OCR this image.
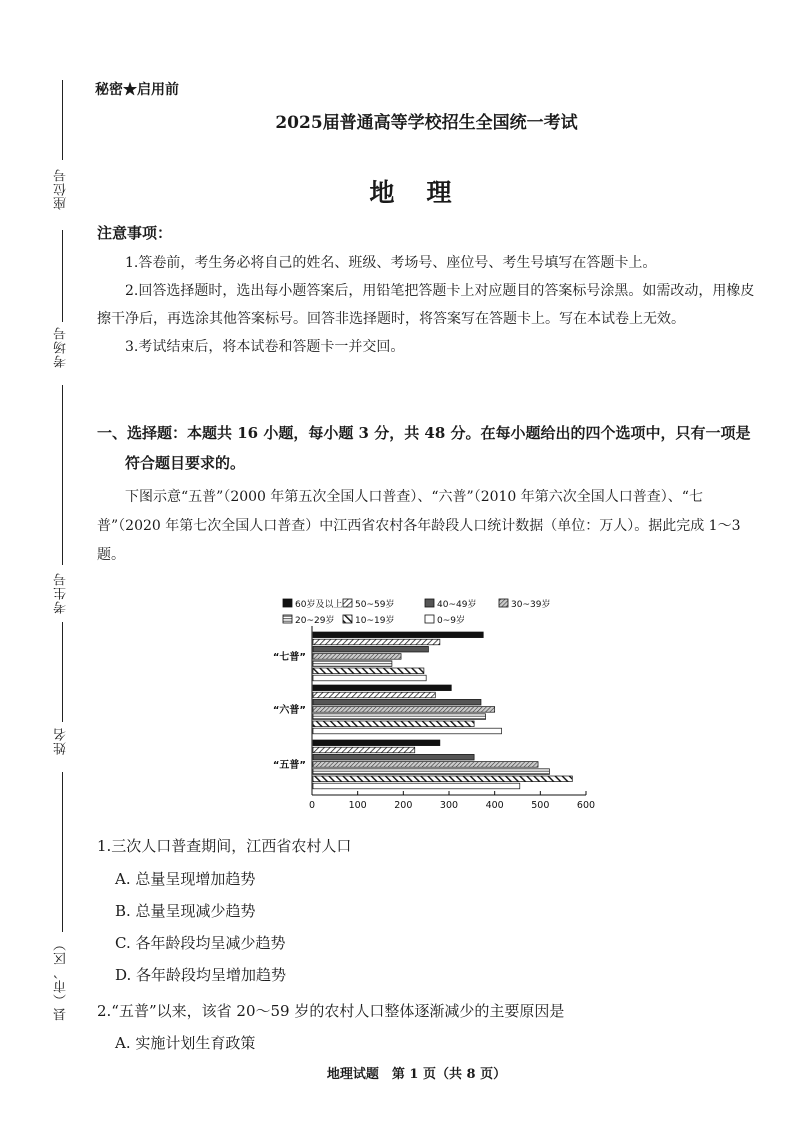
座位号
考场号
考生号
姓名
县（市、区）
秘密★启用前
2025届普通高等学校招生全国统一考试
地理
注意事项：

1.答卷前，考生务必将自己的姓名、班级、考场号、座位号、考生号填写在答题卡上。

2.回答选择题时，选出每小题答案后，用铅笔把答题卡上对应题目的答案标号涂黑。如需改动，用橡皮擦干净后，再选涂其他答案标号。回答非选择题时，将答案写在答题卡上。写在本试卷上无效。

3.考试结束后，将本试卷和答题卡一并交回。

一、选择题：本题共 16 小题，每小题 3 分，共 48 分。在每小题给出的四个选项中，只有一项是
符合题目要求的。

下图示意“五普”（2000 年第五次全国人口普查）、“六普”（2010 年第六次全国人口普查）、“七普”（2020 年第七次全国人口普查）中江西省农村各年龄段人口统计数据（单位：万人）。据此完成 1～3 题。

60岁及以上 50~59岁	40~49岁	30~39岁
20~29岁 10~19岁	0~9岁
“七普”
“六普”
“五普”
0	100	200	300	400	500	600
1.三次人口普查期间，江西省农村人口
A. 总量呈现增加趋势
B. 总量呈现减少趋势
C. 各年龄段均呈减少趋势
D. 各年龄段均呈增加趋势
2.“五普”以来，该省 20～59 岁的农村人口整体逐渐减少的主要原因是
A. 实施计划生育政策
地理试题　第 1 页（共 8 页）
